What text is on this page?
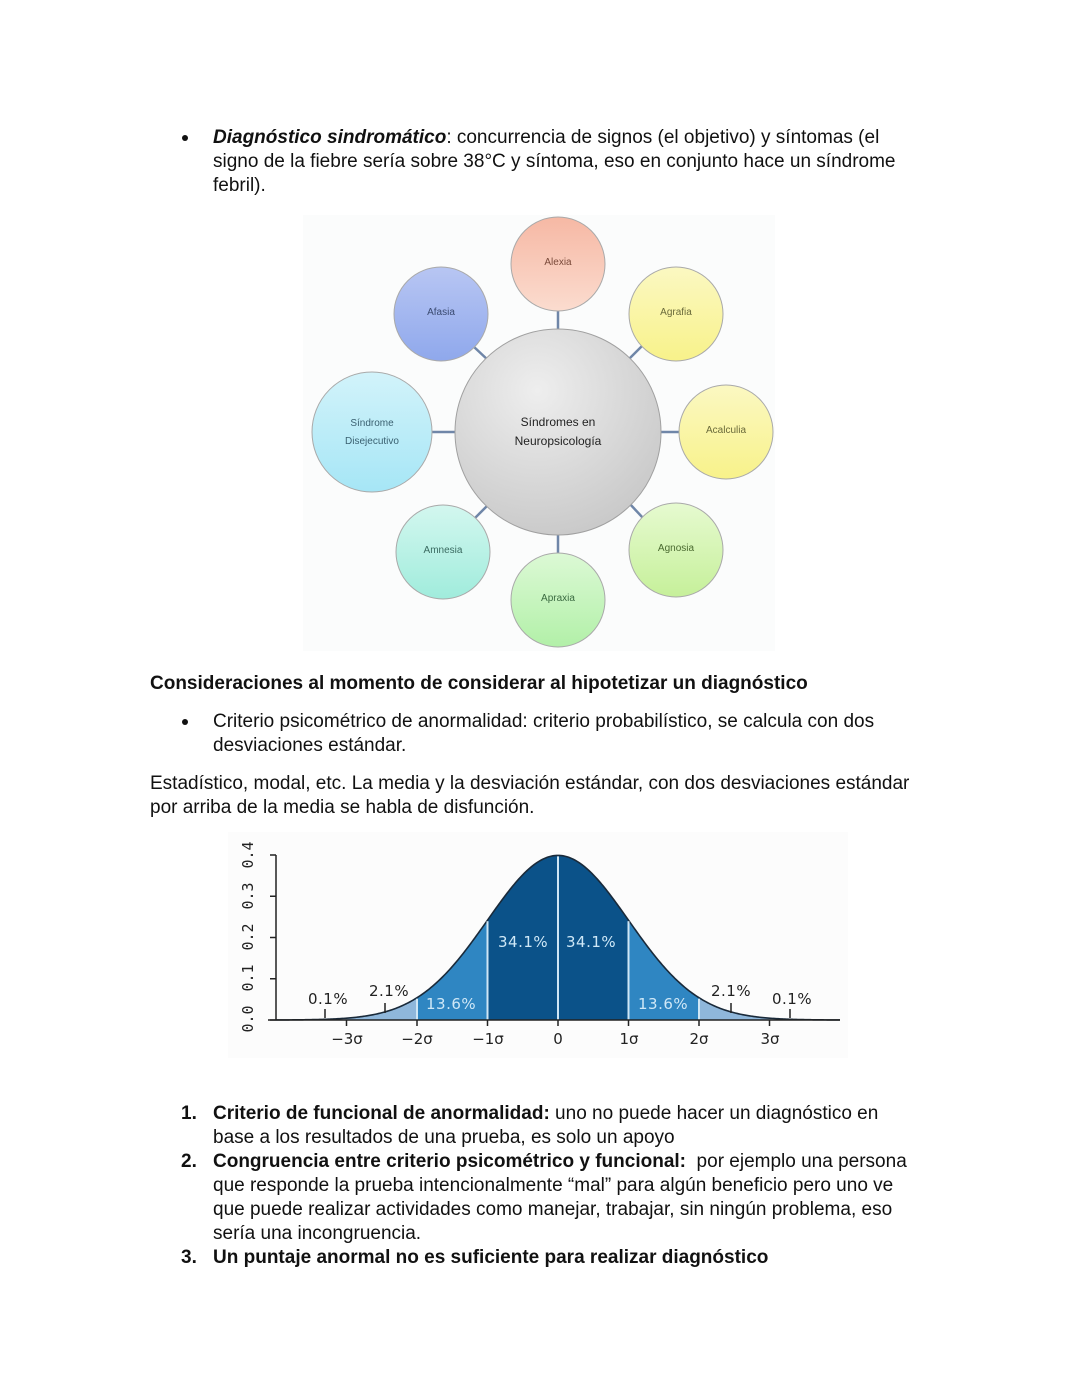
Diagnóstico sindromático: concurrencia de signos (el objetivo) y síntomas (el
signo de la fiebre sería sobre 38°C y síntoma, eso en conjunto hace un síndrome
febril).
Síndromes en
Neuropsicología
Alexia
Afasia	Agrafia
Acalculia
Síndrome
Disejecutivo
Amnesia
Apraxia
Agnosia
Consideraciones al momento de considerar al hipotetizar un diagnóstico
Criterio psicométrico de anormalidad: criterio probabilístico, se calcula con dos
desviaciones estándar.
Estadístico, modal, etc. La media y la desviación estándar, con dos desviaciones estándar
por arriba de la media se habla de disfunción.
0.0
0.1
0.2
0.3
0.4
−3σ	−2σ	−1σ	0	1σ	2σ	3σ
0.1% 2.1%
13.6%
34.1% 34.1%
13.6%
2.1% 0.1%
1. Criterio de funcional de anormalidad: uno no puede hacer un diagnóstico en
base a los resultados de una prueba, es solo un apoyo
2. Congruencia entre criterio psicométrico y funcional:  por ejemplo una persona
que responde la prueba intencionalmente “mal” para algún beneficio pero uno ve
que puede realizar actividades como manejar, trabajar, sin ningún problema, eso
sería una incongruencia.
3. Un puntaje anormal no es suficiente para realizar diagnóstico
